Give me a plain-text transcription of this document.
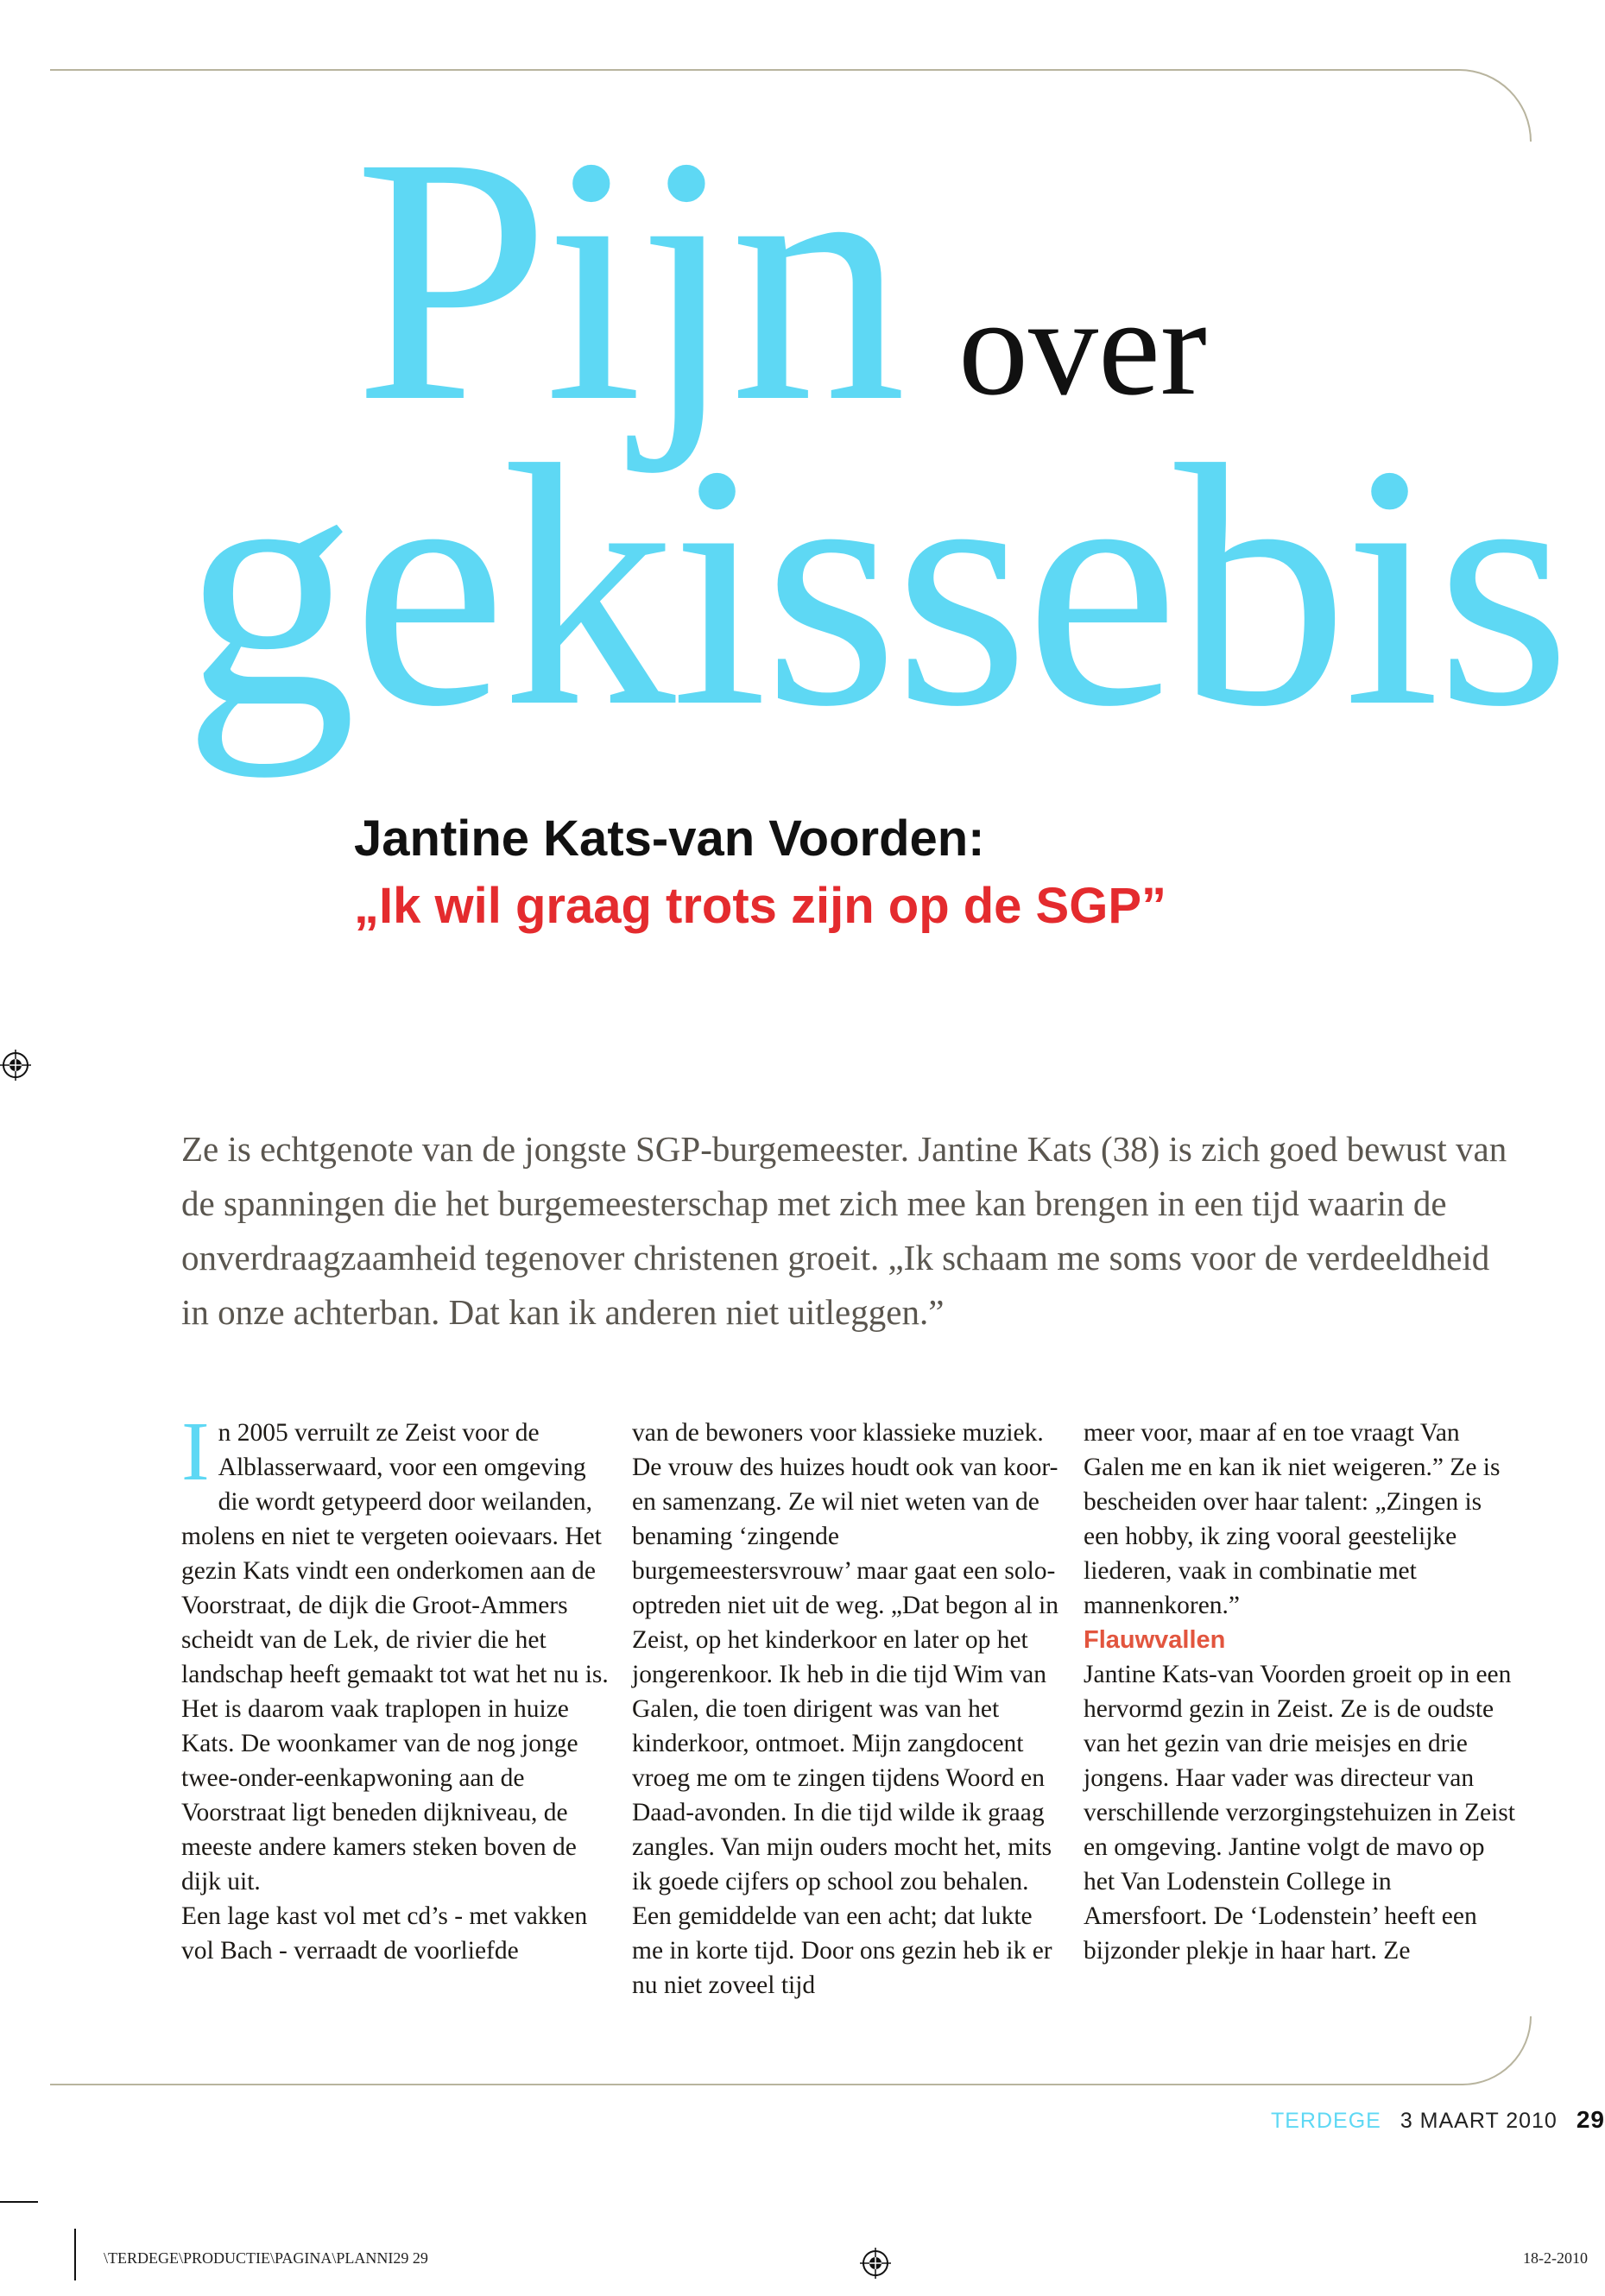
Pijn over
gekissebis
Jantine Kats-van Voorden:
„Ik wil graag trots zijn op de SGP”

Ze is echtgenote van de jongste SGP-burgemeester. Jantine Kats (38) is zich goed bewust van de spanningen die het burgemeesterschap met zich mee kan brengen in een tijd waarin de onverdraagzaamheid tegenover christenen groeit. „Ik schaam me soms voor de verdeeldheid in onze achterban. Dat kan ik anderen niet uitleggen.”

In 2005 verruilt ze Zeist voor de Alblasserwaard, voor een omgeving die wordt getypeerd door weilanden, molens en niet te vergeten ooievaars. Het gezin Kats vindt een onderkomen aan de Voorstraat, de dijk die Groot-Ammers scheidt van de Lek, de rivier die het landschap heeft gemaakt tot wat het nu is.

Het is daarom vaak traplopen in huize Kats. De woonkamer van de nog jonge twee-onder-eenkapwoning aan de Voorstraat ligt beneden dijkniveau, de meeste andere kamers steken boven de dijk uit.

Een lage kast vol met cd’s - met vakken vol Bach - verraadt de voorliefde

van de bewoners voor klassieke muziek. De vrouw des huizes houdt ook van koor- en samenzang. Ze wil niet weten van de benaming ‘zingende burgemeestersvrouw’ maar gaat een solo-optreden niet uit de weg. „Dat begon al in Zeist, op het kinderkoor en later op het jongerenkoor. Ik heb in die tijd Wim van Galen, die toen dirigent was van het kinderkoor, ontmoet. Mijn zangdocent vroeg me om te zingen tijdens Woord en Daad-avonden. In die tijd wilde ik graag zangles. Van mijn ouders mocht het, mits ik goede cijfers op school zou behalen. Een gemiddelde van een acht; dat lukte me in korte tijd. Door ons gezin heb ik er nu niet zoveel tijd

meer voor, maar af en toe vraagt Van Galen me en kan ik niet weigeren.” Ze is bescheiden over haar talent: „Zingen is een hobby, ik zing vooral geestelijke liederen, vaak in combinatie met mannenkoren.”

Flauwvallen

Jantine Kats-van Voorden groeit op in een hervormd gezin in Zeist. Ze is de oudste van het gezin van drie meisjes en drie jongens. Haar vader was directeur van verschillende verzorgingstehuizen in Zeist en omgeving. Jantine volgt de mavo op het Van Lodenstein College in Amersfoort. De ‘Lodenstein’ heeft een bijzonder plekje in haar hart. Ze

TERDEGE 3 MAART 2010 29
\TERDEGE\PRODUCTIE\PAGINA\PLANNI29 29	18-2-2010
